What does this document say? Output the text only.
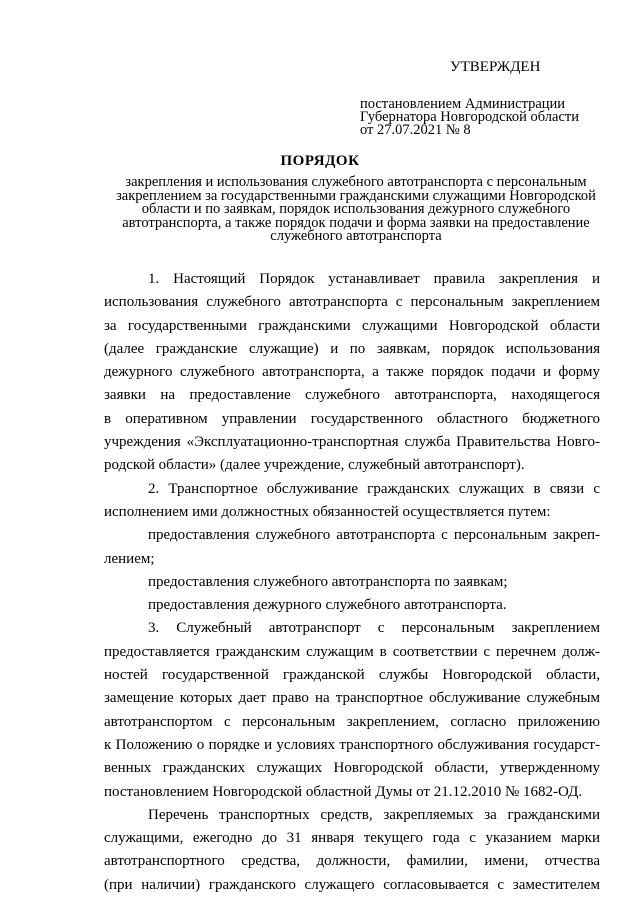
УТВЕРЖДЕН

постановлением Администрации

Губернатора Новгородской области

от 27.07.2021 № 8

ПОРЯДОК
закрепления и использования служебного автотранспорта с персональным
закреплением за государственными гражданскими служащими Новгородской
области и по заявкам, порядок использования дежурного служебного
автотранспорта, а также порядок подачи и форма заявки на предоставление
служебного автотранспорта
1. Настоящий Порядок устанавливает правила закрепления и
использования служебного автотранспорта с персональным закреплением
за государственными гражданскими служащими Новгородской области
(далее гражданские служащие) и по заявкам, порядок использования
дежурного служебного автотранспорта, а также порядок подачи и форму
заявки на предоставление служебного автотранспорта, находящегося
в оперативном управлении государственного областного бюджетного
учреждения «Эксплуатационно-транспортная служба Правительства Новго-
родской области» (далее учреждение, служебный автотранспорт).
2. Транспортное обслуживание гражданских служащих в связи с
исполнением ими должностных обязанностей осуществляется путем:
предоставления служебного автотранспорта с персональным закреп-
лением;
предоставления служебного автотранспорта по заявкам;
предоставления дежурного служебного автотранспорта.
3. Служебный автотранспорт с персональным закреплением
предоставляется гражданским служащим в соответствии с перечнем долж-
ностей государственной гражданской службы Новгородской области,
замещение которых дает право на транспортное обслуживание служебным
автотранспортом с персональным закреплением, согласно приложению
к Положению о порядке и условиях транспортного обслуживания государст-
венных гражданских служащих Новгородской области, утвержденному
постановлением Новгородской областной Думы от 21.12.2010 № 1682-ОД.
Перечень транспортных средств, закрепляемых за гражданскими
служащими, ежегодно до 31 января текущего года с указанием марки
автотранспортного средства, должности, фамилии, имени, отчества
(при наличии) гражданского служащего согласовывается с заместителем
